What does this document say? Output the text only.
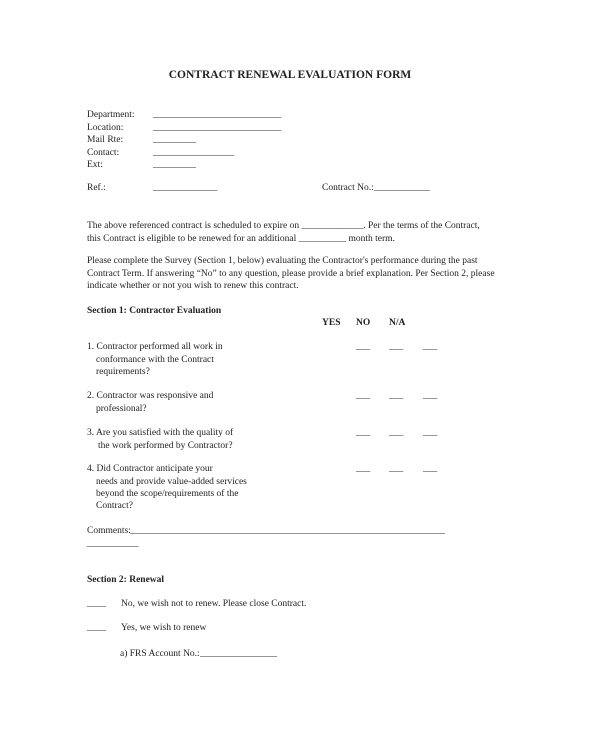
CONTRACT RENEWAL EVALUATION FORM
Department: ______________________________
Location:	______________________________
Mail Rte:	__________
Contact:	___________________
Ext:	__________
Ref.:	_______________	Contract No.: _____________
The above referenced contract is scheduled to expire on _____________. Per the terms of the Contract,
this Contract is eligible to be renewed for an additional __________ month term.
Please complete the Survey (Section 1, below) evaluating the Contractor's performance during the past
Contract Term. If answering “No” to any question, please provide a brief explanation. Per Section 2, please
indicate whether or not you wish to renew this contract.
Section 1: Contractor Evaluation
YES NO N/A
1. Contractor performed all work in
conformance with the Contract
requirements?
___ ___ ___
2. Contractor was responsive and
professional?
___ ___ ___
3. Are you satisfied with the quality of
the work performed by Contractor?
___ ___ ___
4. Did Contractor anticipate your
needs and provide value-added services
beyond the scope/requirements of the
Contract?
___ ___ ___
Comments: __________________________________________________________________________
____________
Section 2: Renewal
____ No, we wish not to renew. Please close Contract.
____ Yes, we wish to renew
a) FRS Account No.: __________________
